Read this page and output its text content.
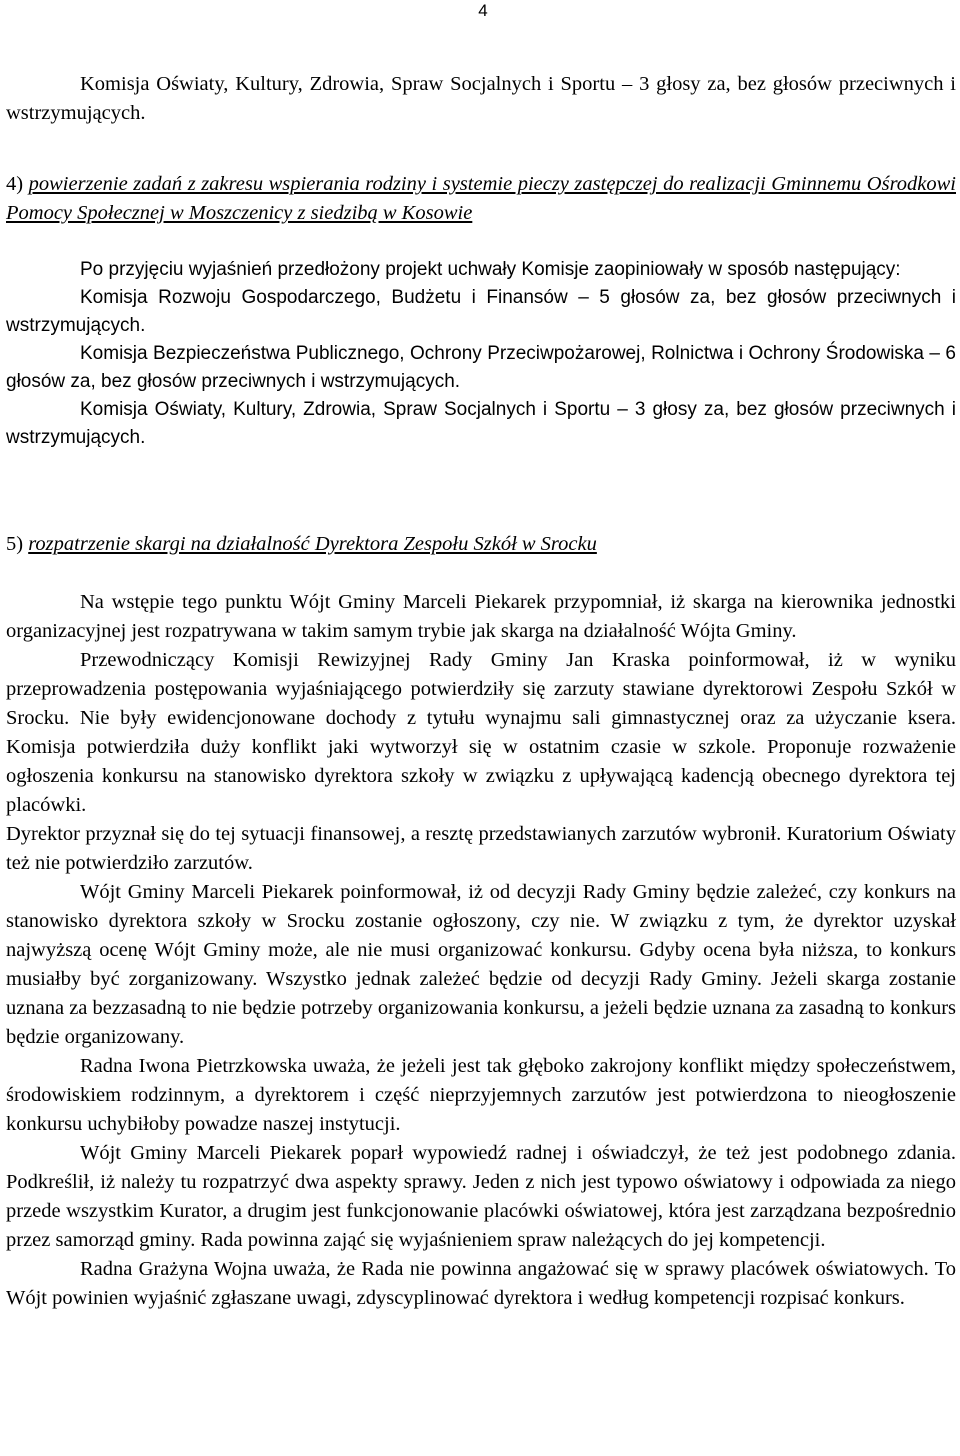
4
Komisja Oświaty, Kultury, Zdrowia, Spraw Socjalnych i Sportu – 3 głosy za, bez głosów przeciwnych i wstrzymujących.
4) powierzenie zadań z zakresu wspierania rodziny i systemie pieczy zastępczej do realizacji Gminnemu Ośrodkowi Pomocy Społecznej w Moszczenicy z siedzibą w Kosowie

Po przyjęciu wyjaśnień przedłożony projekt uchwały Komisje zaopiniowały w sposób następujący:

Komisja Rozwoju Gospodarczego, Budżetu i Finansów – 5 głosów za, bez głosów przeciwnych i wstrzymujących.

Komisja Bezpieczeństwa Publicznego, Ochrony Przeciwpożarowej, Rolnictwa i Ochrony Środowiska – 6 głosów za, bez głosów przeciwnych i wstrzymujących.

Komisja Oświaty, Kultury, Zdrowia, Spraw Socjalnych i Sportu – 3 głosy za, bez głosów przeciwnych i wstrzymujących.

5) rozpatrzenie skargi na działalność Dyrektora Zespołu Szkół w Srocku

Na wstępie tego punktu Wójt Gminy Marceli Piekarek przypomniał, iż skarga na kierownika jednostki organizacyjnej jest rozpatrywana w takim samym trybie jak skarga na działalność Wójta Gminy.

Przewodniczący Komisji Rewizyjnej Rady Gminy Jan Kraska poinformował, iż w wyniku przeprowadzenia postępowania wyjaśniającego potwierdziły się zarzuty stawiane dyrektorowi Zespołu Szkół w Srocku. Nie były ewidencjonowane dochody z tytułu wynajmu sali gimnastycznej oraz za użyczanie ksera. Komisja potwierdziła duży konflikt jaki wytworzył się w ostatnim czasie w szkole. Proponuje rozważenie ogłoszenia konkursu na stanowisko dyrektora szkoły w związku z upływającą kadencją obecnego dyrektora tej placówki.

Dyrektor przyznał się do tej sytuacji finansowej, a resztę przedstawianych zarzutów wybronił. Kuratorium Oświaty też nie potwierdziło zarzutów.

Wójt Gminy Marceli Piekarek poinformował, iż od decyzji Rady Gminy będzie zależeć, czy konkurs na stanowisko dyrektora szkoły w Srocku zostanie ogłoszony, czy nie. W związku z tym, że dyrektor uzyskał najwyższą ocenę Wójt Gminy może, ale nie musi organizować konkursu. Gdyby ocena była niższa, to konkurs musiałby być zorganizowany. Wszystko jednak zależeć będzie od decyzji Rady Gminy. Jeżeli skarga zostanie uznana za bezzasadną to nie będzie potrzeby organizowania konkursu, a jeżeli będzie uznana za zasadną to konkurs będzie organizowany.

Radna Iwona Pietrzkowska uważa, że jeżeli jest tak głęboko zakrojony konflikt między społeczeństwem, środowiskiem rodzinnym, a dyrektorem i część nieprzyjemnych zarzutów jest potwierdzona to nieogłoszenie konkursu uchybiłoby powadze naszej instytucji.

Wójt Gminy Marceli Piekarek poparł wypowiedź radnej i oświadczył, że też jest podobnego zdania. Podkreślił, iż należy tu rozpatrzyć dwa aspekty sprawy. Jeden z nich jest typowo oświatowy i odpowiada za niego przede wszystkim Kurator, a drugim jest funkcjonowanie placówki oświatowej, która jest zarządzana bezpośrednio przez samorząd gminy. Rada powinna zająć się wyjaśnieniem spraw należących do jej kompetencji.

Radna Grażyna Wojna uważa, że Rada nie powinna angażować się w sprawy placówek oświatowych. To Wójt powinien wyjaśnić zgłaszane uwagi, zdyscyplinować dyrektora i według kompetencji rozpisać konkurs.
